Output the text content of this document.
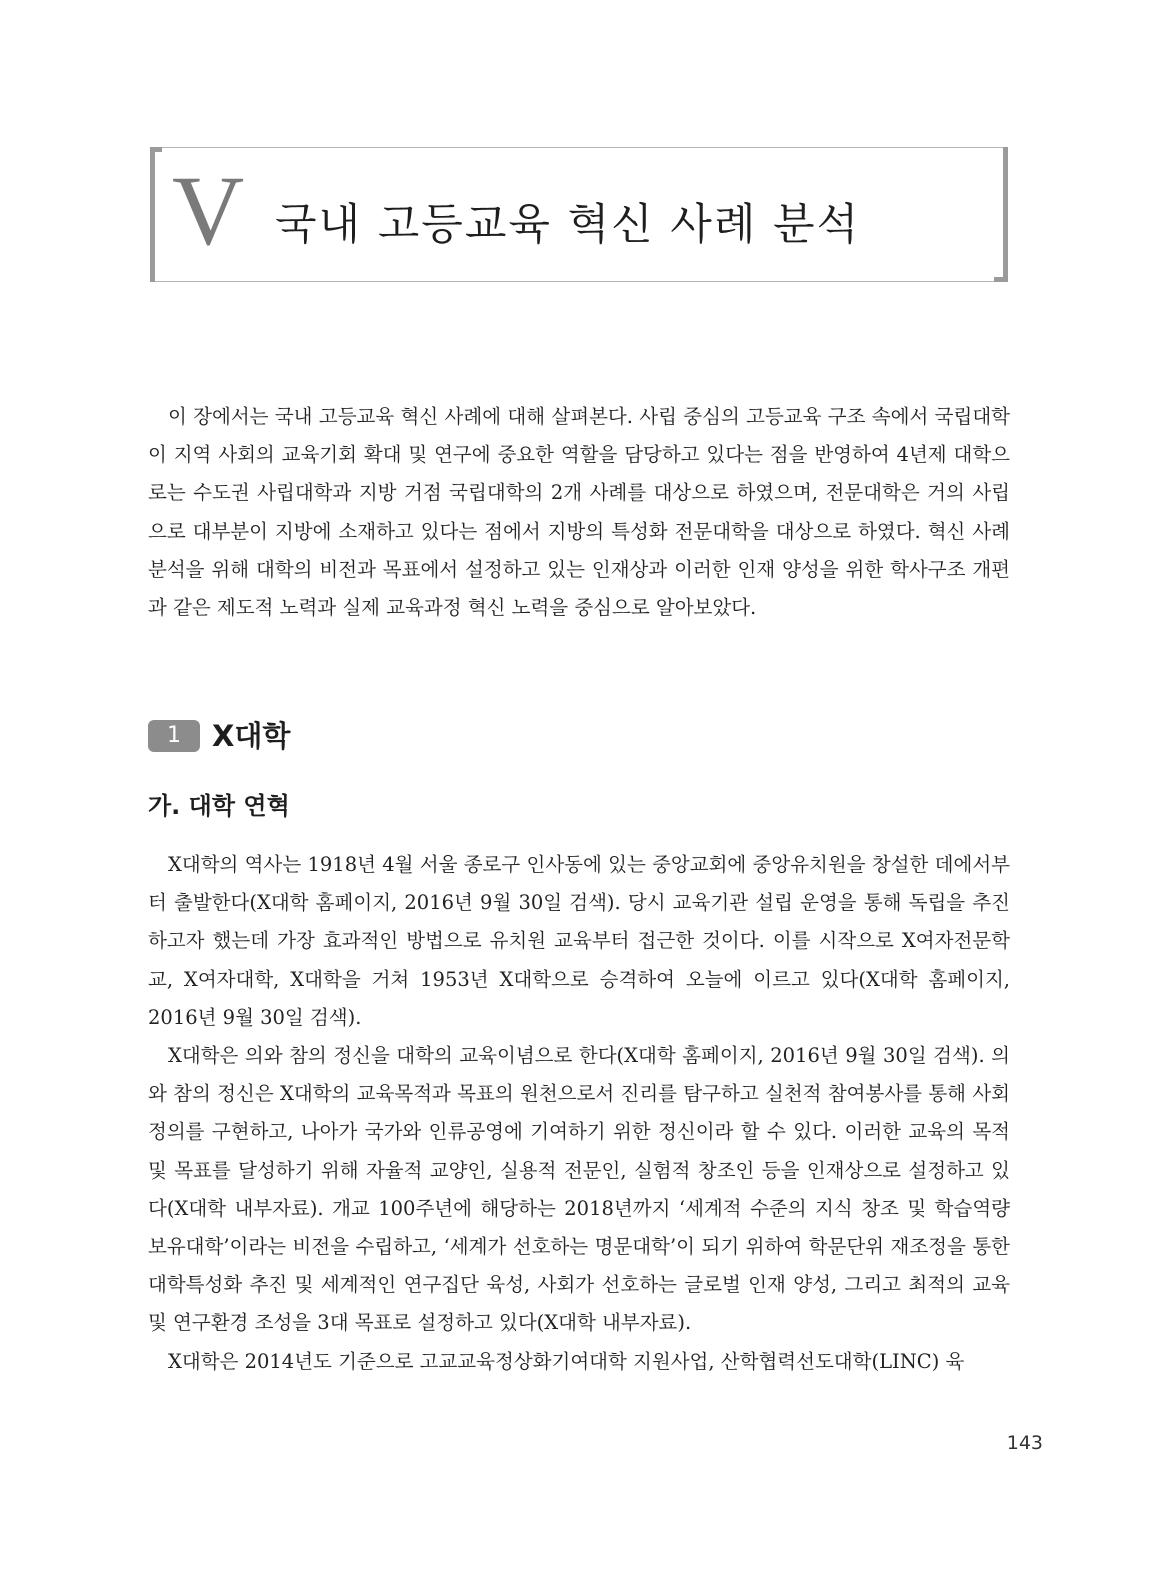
V 국내 고등교육 혁신 사례 분석

이 장에서는 국내 고등교육 혁신 사례에 대해 살펴본다. 사립 중심의 고등교육 구조 속에서 국립대학이 지역 사회의 교육기회 확대 및 연구에 중요한 역할을 담당하고 있다는 점을 반영하여 4년제 대학으로는 수도권 사립대학과 지방 거점 국립대학의 2개 사례를 대상으로 하였으며, 전문대학은 거의 사립으로 대부분이 지방에 소재하고 있다는 점에서 지방의 특성화 전문대학을 대상으로 하였다. 혁신 사례 분석을 위해 대학의 비전과 목표에서 설정하고 있는 인재상과 이러한 인재 양성을 위한 학사구조 개편과 같은 제도적 노력과 실제 교육과정 혁신 노력을 중심으로 알아보았다.

1	X대학
가. 대학 연혁

X대학의 역사는 1918년 4월 서울 종로구 인사동에 있는 중앙교회에 중앙유치원을 창설한 데에서부터 출발한다(X대학 홈페이지, 2016년 9월 30일 검색). 당시 교육기관 설립 운영을 통해 독립을 추진하고자 했는데 가장 효과적인 방법으로 유치원 교육부터 접근한 것이다. 이를 시작으로 X여자전문학교, X여자대학, X대학을 거쳐 1953년 X대학으로 승격하여 오늘에 이르고 있다(X대학 홈페이지, 2016년 9월 30일 검색).

X대학은 의와 참의 정신을 대학의 교육이념으로 한다(X대학 홈페이지, 2016년 9월 30일 검색). 의와 참의 정신은 X대학의 교육목적과 목표의 원천으로서 진리를 탐구하고 실천적 참여봉사를 통해 사회정의를 구현하고, 나아가 국가와 인류공영에 기여하기 위한 정신이라 할 수 있다. 이러한 교육의 목적 및 목표를 달성하기 위해 자율적 교양인, 실용적 전문인, 실험적 창조인 등을 인재상으로 설정하고 있다(X대학 내부자료). 개교 100주년에 해당하는 2018년까지 ‘세계적 수준의 지식 창조 및 학습역량 보유대학’이라는 비전을 수립하고, ‘세계가 선호하는 명문대학’이 되기 위하여 학문단위 재조정을 통한 대학특성화 추진 및 세계적인 연구집단 육성, 사회가 선호하는 글로벌 인재 양성, 그리고 최적의 교육 및 연구환경 조성을 3대 목표로 설정하고 있다(X대학 내부자료).

X대학은 2014년도 기준으로 고교교육정상화기여대학 지원사업, 산학협력선도대학(LINC) 육

143
